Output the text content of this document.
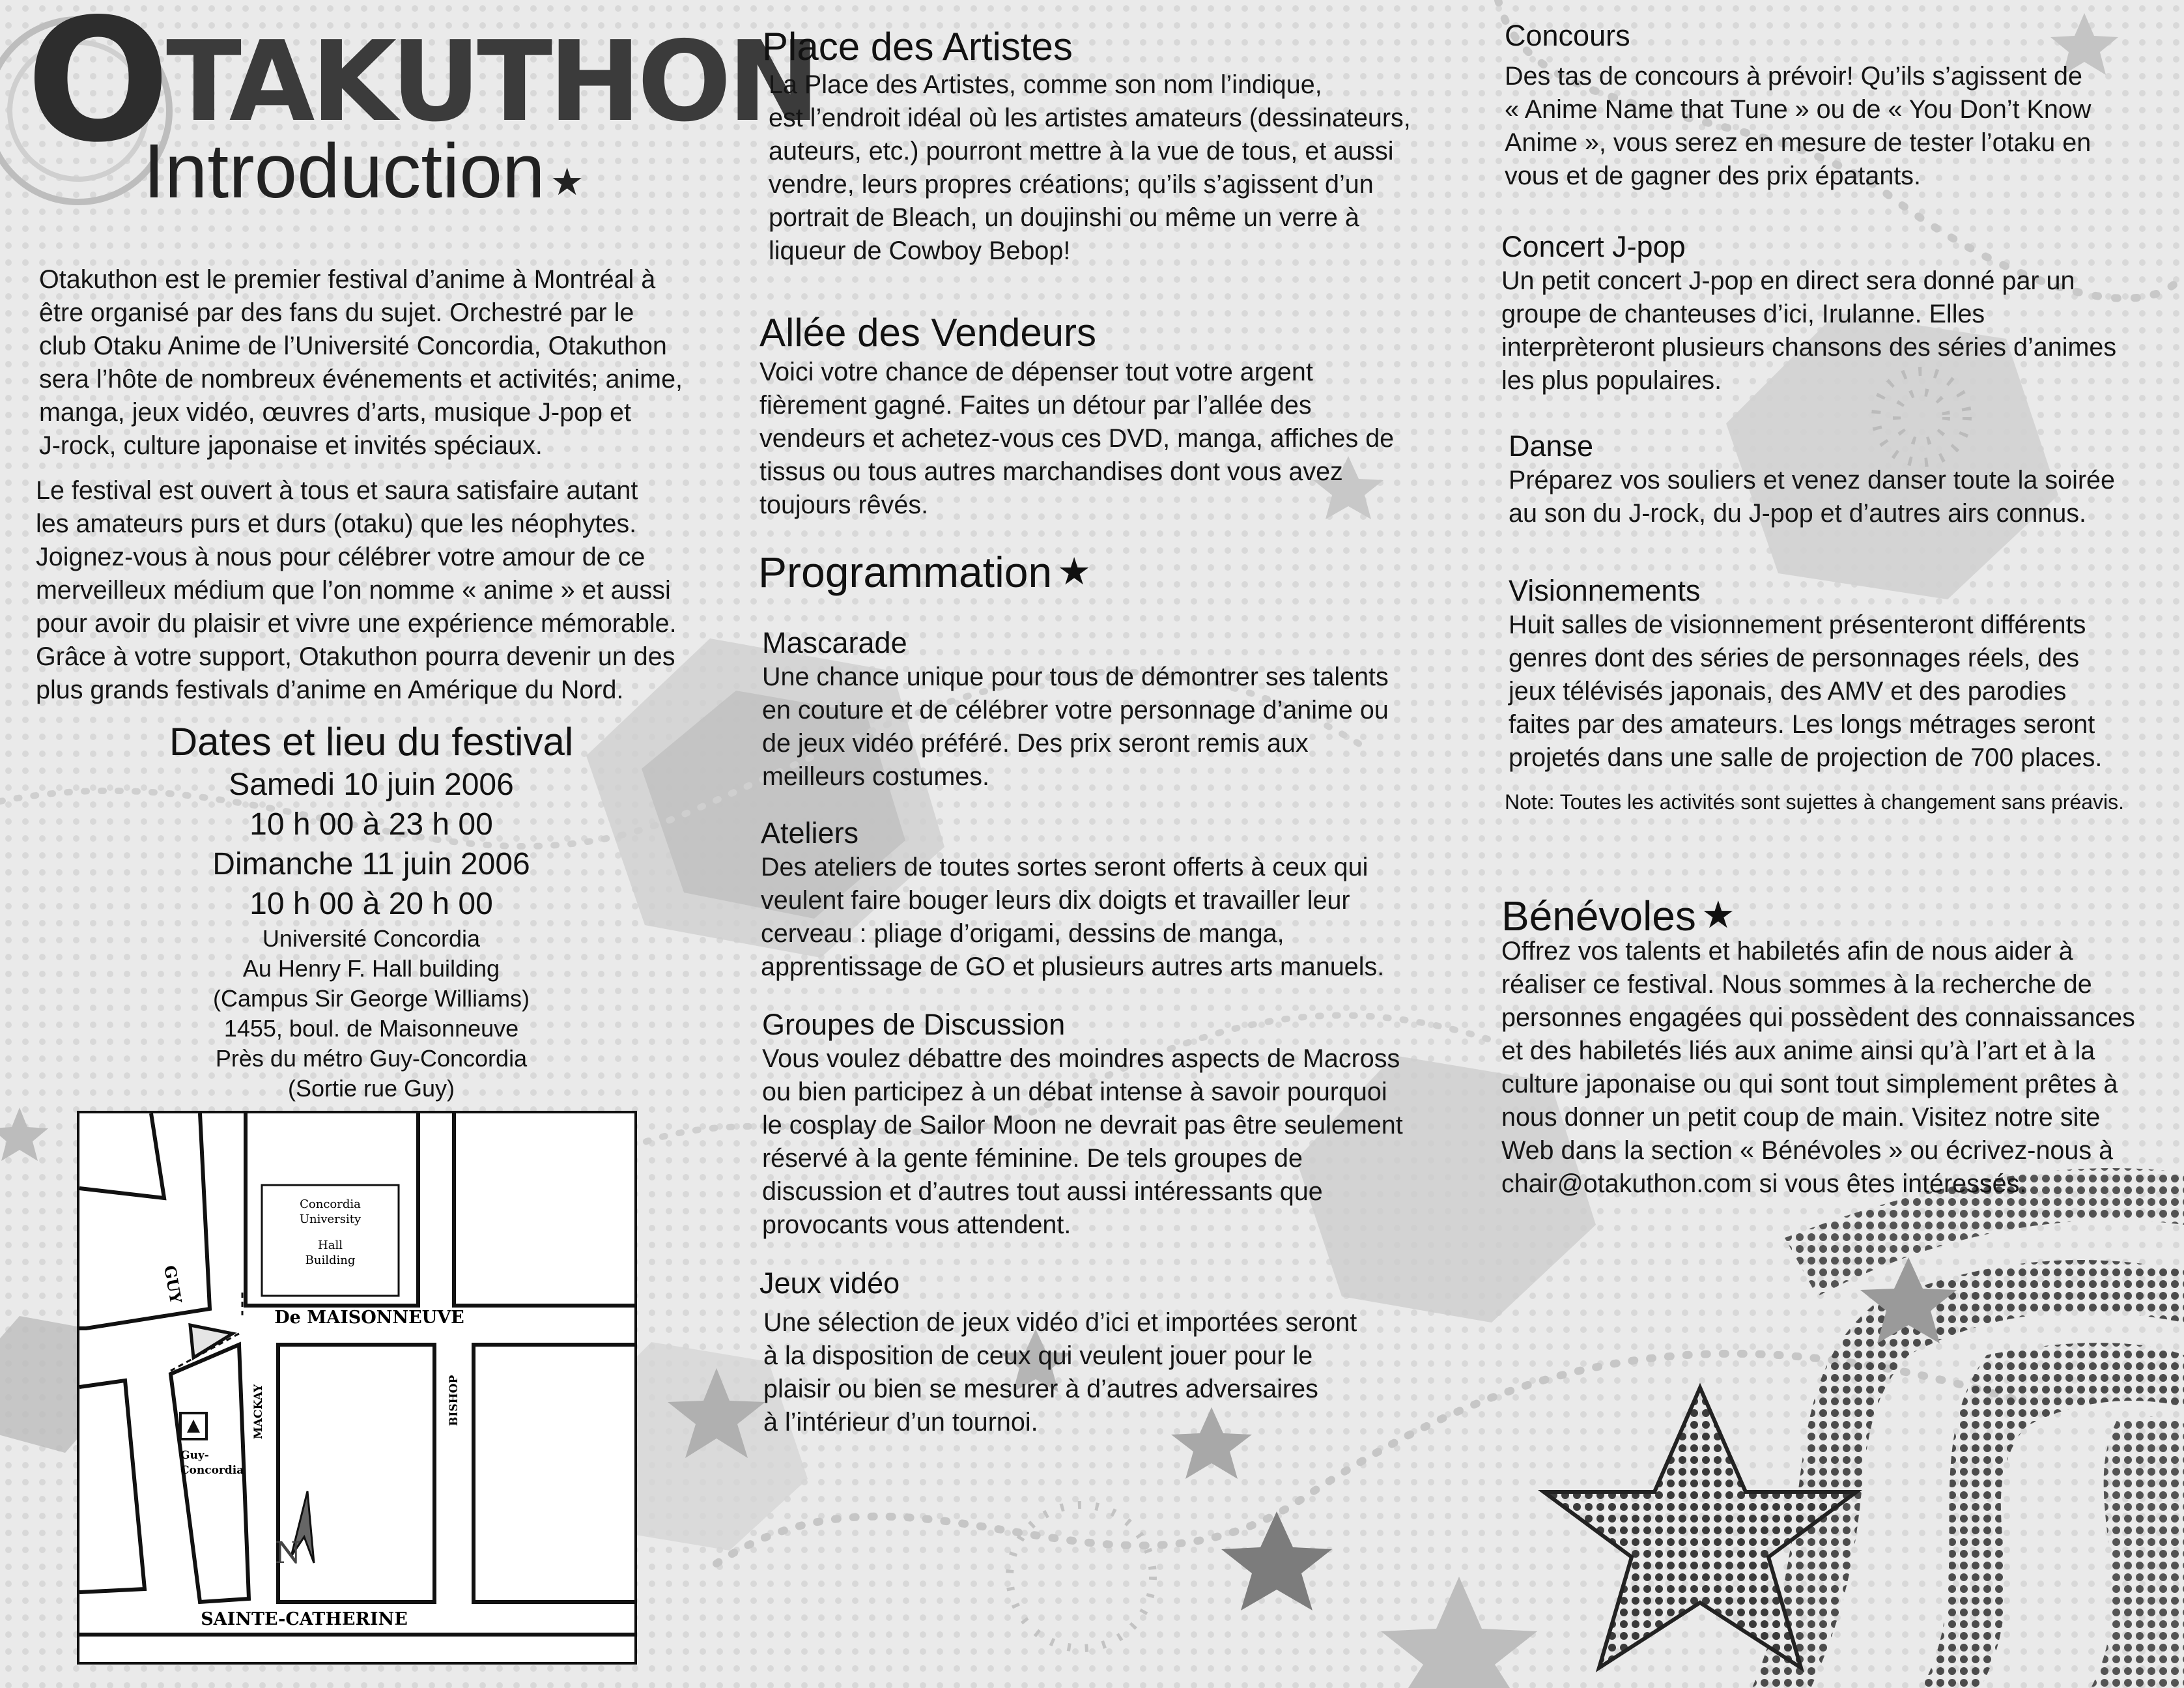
OTAKUTHON
Introduction ★

Otakuthon est le premier festival d’anime à Montréal à
être organisé par des fans du sujet. Orchestré par le
club Otaku Anime de l’Université Concordia, Otakuthon
sera l’hôte de nombreux événements et activités; anime,
manga, jeux vidéo, œuvres d’arts, musique J-pop et
J-rock, culture japonaise et invités spéciaux.

Le festival est ouvert à tous et saura satisfaire autant
les amateurs purs et durs (otaku) que les néophytes.
Joignez-vous à nous pour célébrer votre amour de ce
merveilleux médium que l’on nomme « anime » et aussi
pour avoir du plaisir et vivre une expérience mémorable.
Grâce à votre support, Otakuthon pourra devenir un des
plus grands festivals d’anime en Amérique du Nord.

Dates et lieu du festival
Samedi 10 juin 2006
10 h 00 à 23 h 00
Dimanche 11 juin 2006
10 h 00 à 20 h 00
Université Concordia
Au Henry F. Hall building
(Campus Sir George Williams)
1455, boul. de Maisonneuve
Près du métro Guy-Concordia
(Sortie rue Guy)
Concordia
University
Hall
Building
GUY
De MAISONNEUVE
MACKAY	BISHOP
SAINTE-CATHERINE
Guy-
Concordia
N
Place des Artistes

La Place des Artistes, comme son nom l’indique,
est l’endroit idéal où les artistes amateurs (dessinateurs,
auteurs, etc.) pourront mettre à la vue de tous, et aussi
vendre, leurs propres créations; qu’ils s’agissent d’un
portrait de Bleach, un doujinshi ou même un verre à
liqueur de Cowboy Bebop!

Allée des Vendeurs

Voici votre chance de dépenser tout votre argent
fièrement gagné. Faites un détour par l’allée des
vendeurs et achetez-vous ces DVD, manga, affiches de
tissus ou tous autres marchandises dont vous avez
toujours rêvés.

Programmation ★
Mascarade

Une chance unique pour tous de démontrer ses talents
en couture et de célébrer votre personnage d’anime ou
de jeux vidéo préféré. Des prix seront remis aux
meilleurs costumes.

Ateliers

Des ateliers de toutes sortes seront offerts à ceux qui
veulent faire bouger leurs dix doigts et travailler leur
cerveau : pliage d’origami, dessins de manga,
apprentissage de GO et plusieurs autres arts manuels.

Groupes de Discussion

Vous voulez débattre des moindres aspects de Macross
ou bien participez à un débat intense à savoir pourquoi
le cosplay de Sailor Moon ne devrait pas être seulement
réservé à la gente féminine. De tels groupes de
discussion et d’autres tout aussi intéressants que
provocants vous attendent.

Jeux vidéo

Une sélection de jeux vidéo d’ici et importées seront
à la disposition de ceux qui veulent jouer pour le
plaisir ou bien se mesurer à d’autres adversaires
à l’intérieur d’un tournoi.

Concours

Des tas de concours à prévoir! Qu’ils s’agissent de
« Anime Name that Tune » ou de « You Don’t Know
Anime », vous serez en mesure de tester l’otaku en
vous et de gagner des prix épatants.

Concert J-pop

Un petit concert J-pop en direct sera donné par un
groupe de chanteuses d’ici, Irulanne. Elles
interprèteront plusieurs chansons des séries d’animes
les plus populaires.

Danse

Préparez vos souliers et venez danser toute la soirée
au son du J-rock, du J-pop et d’autres airs connus.

Visionnements

Huit salles de visionnement présenteront différents
genres dont des séries de personnages réels, des
jeux télévisés japonais, des AMV et des parodies
faites par des amateurs. Les longs métrages seront
projetés dans une salle de projection de 700 places.

Note: Toutes les activités sont sujettes à changement sans préavis.

Bénévoles ★

Offrez vos talents et habiletés afin de nous aider à
réaliser ce festival. Nous sommes à la recherche de
personnes engagées qui possèdent des connaissances
et des habiletés liés aux anime ainsi qu’à l’art et à la
culture japonaise ou qui sont tout simplement prêtes à
nous donner un petit coup de main. Visitez notre site
Web dans la section « Bénévoles » ou écrivez-nous à
chair@otakuthon.com si vous êtes intéressés.
